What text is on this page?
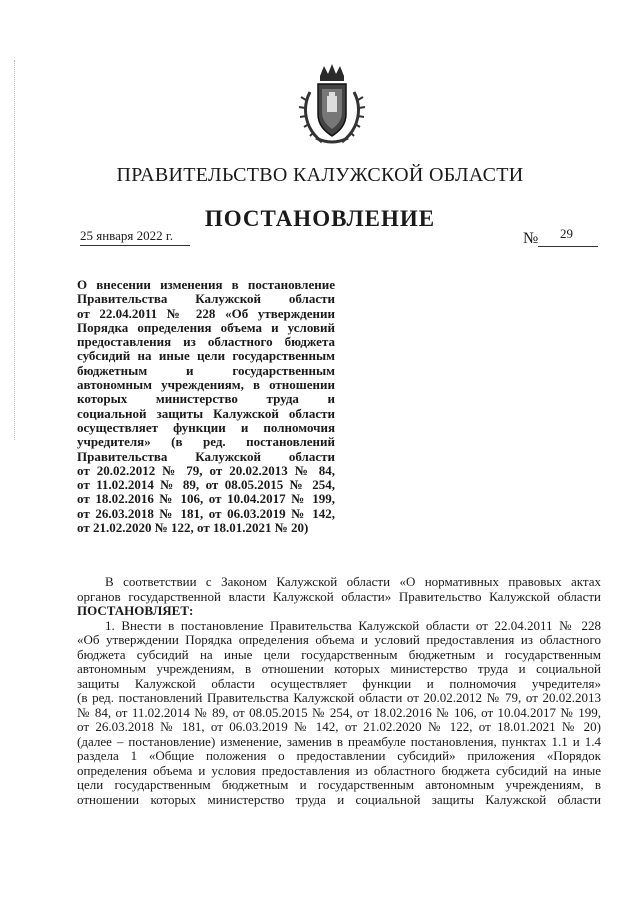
ПРАВИТЕЛЬСТВО КАЛУЖСКОЙ ОБЛАСТИ
ПОСТАНОВЛЕНИЕ
25 января 2022 г.	№ 29
О внесении изменения в постановление
Правительства Калужской области
от 22.04.2011 № 228 «Об утверждении
Порядка определения объема и условий
предоставления из областного бюджета
субсидий на иные цели государственным
бюджетным и государственным
автономным учреждениям, в отношении
которых министерство труда и
социальной защиты Калужской области
осуществляет функции и полномочия
учредителя» (в ред. постановлений
Правительства Калужской области
от 20.02.2012 № 79, от 20.02.2013 № 84,
от 11.02.2014 № 89, от 08.05.2015 № 254,
от 18.02.2016 № 106, от 10.04.2017 № 199,
от 26.03.2018 № 181, от 06.03.2019 № 142,
от 21.02.2020 № 122, от 18.01.2021 № 20)
В соответствии с Законом Калужской области «О нормативных правовых актах
органов государственной власти Калужской области» Правительство Калужской области
ПОСТАНОВЛЯЕТ:
1. Внести в постановление Правительства Калужской области от 22.04.2011 № 228
«Об утверждении Порядка определения объема и условий предоставления из областного
бюджета субсидий на иные цели государственным бюджетным и государственным
автономным учреждениям, в отношении которых министерство труда и социальной
защиты Калужской области осуществляет функции и полномочия учредителя»
(в ред. постановлений Правительства Калужской области от 20.02.2012 № 79, от 20.02.2013
№ 84, от 11.02.2014 № 89, от 08.05.2015 № 254, от 18.02.2016 № 106, от 10.04.2017 № 199,
от 26.03.2018 № 181, от 06.03.2019 № 142, от 21.02.2020 № 122, от 18.01.2021 № 20)
(далее – постановление) изменение, заменив в преамбуле постановления, пунктах 1.1 и 1.4
раздела 1 «Общие положения о предоставлении субсидий» приложения «Порядок
определения объема и условия предоставления из областного бюджета субсидий на иные
цели государственным бюджетным и государственным автономным учреждениям, в
отношении которых министерство труда и социальной защиты Калужской области
